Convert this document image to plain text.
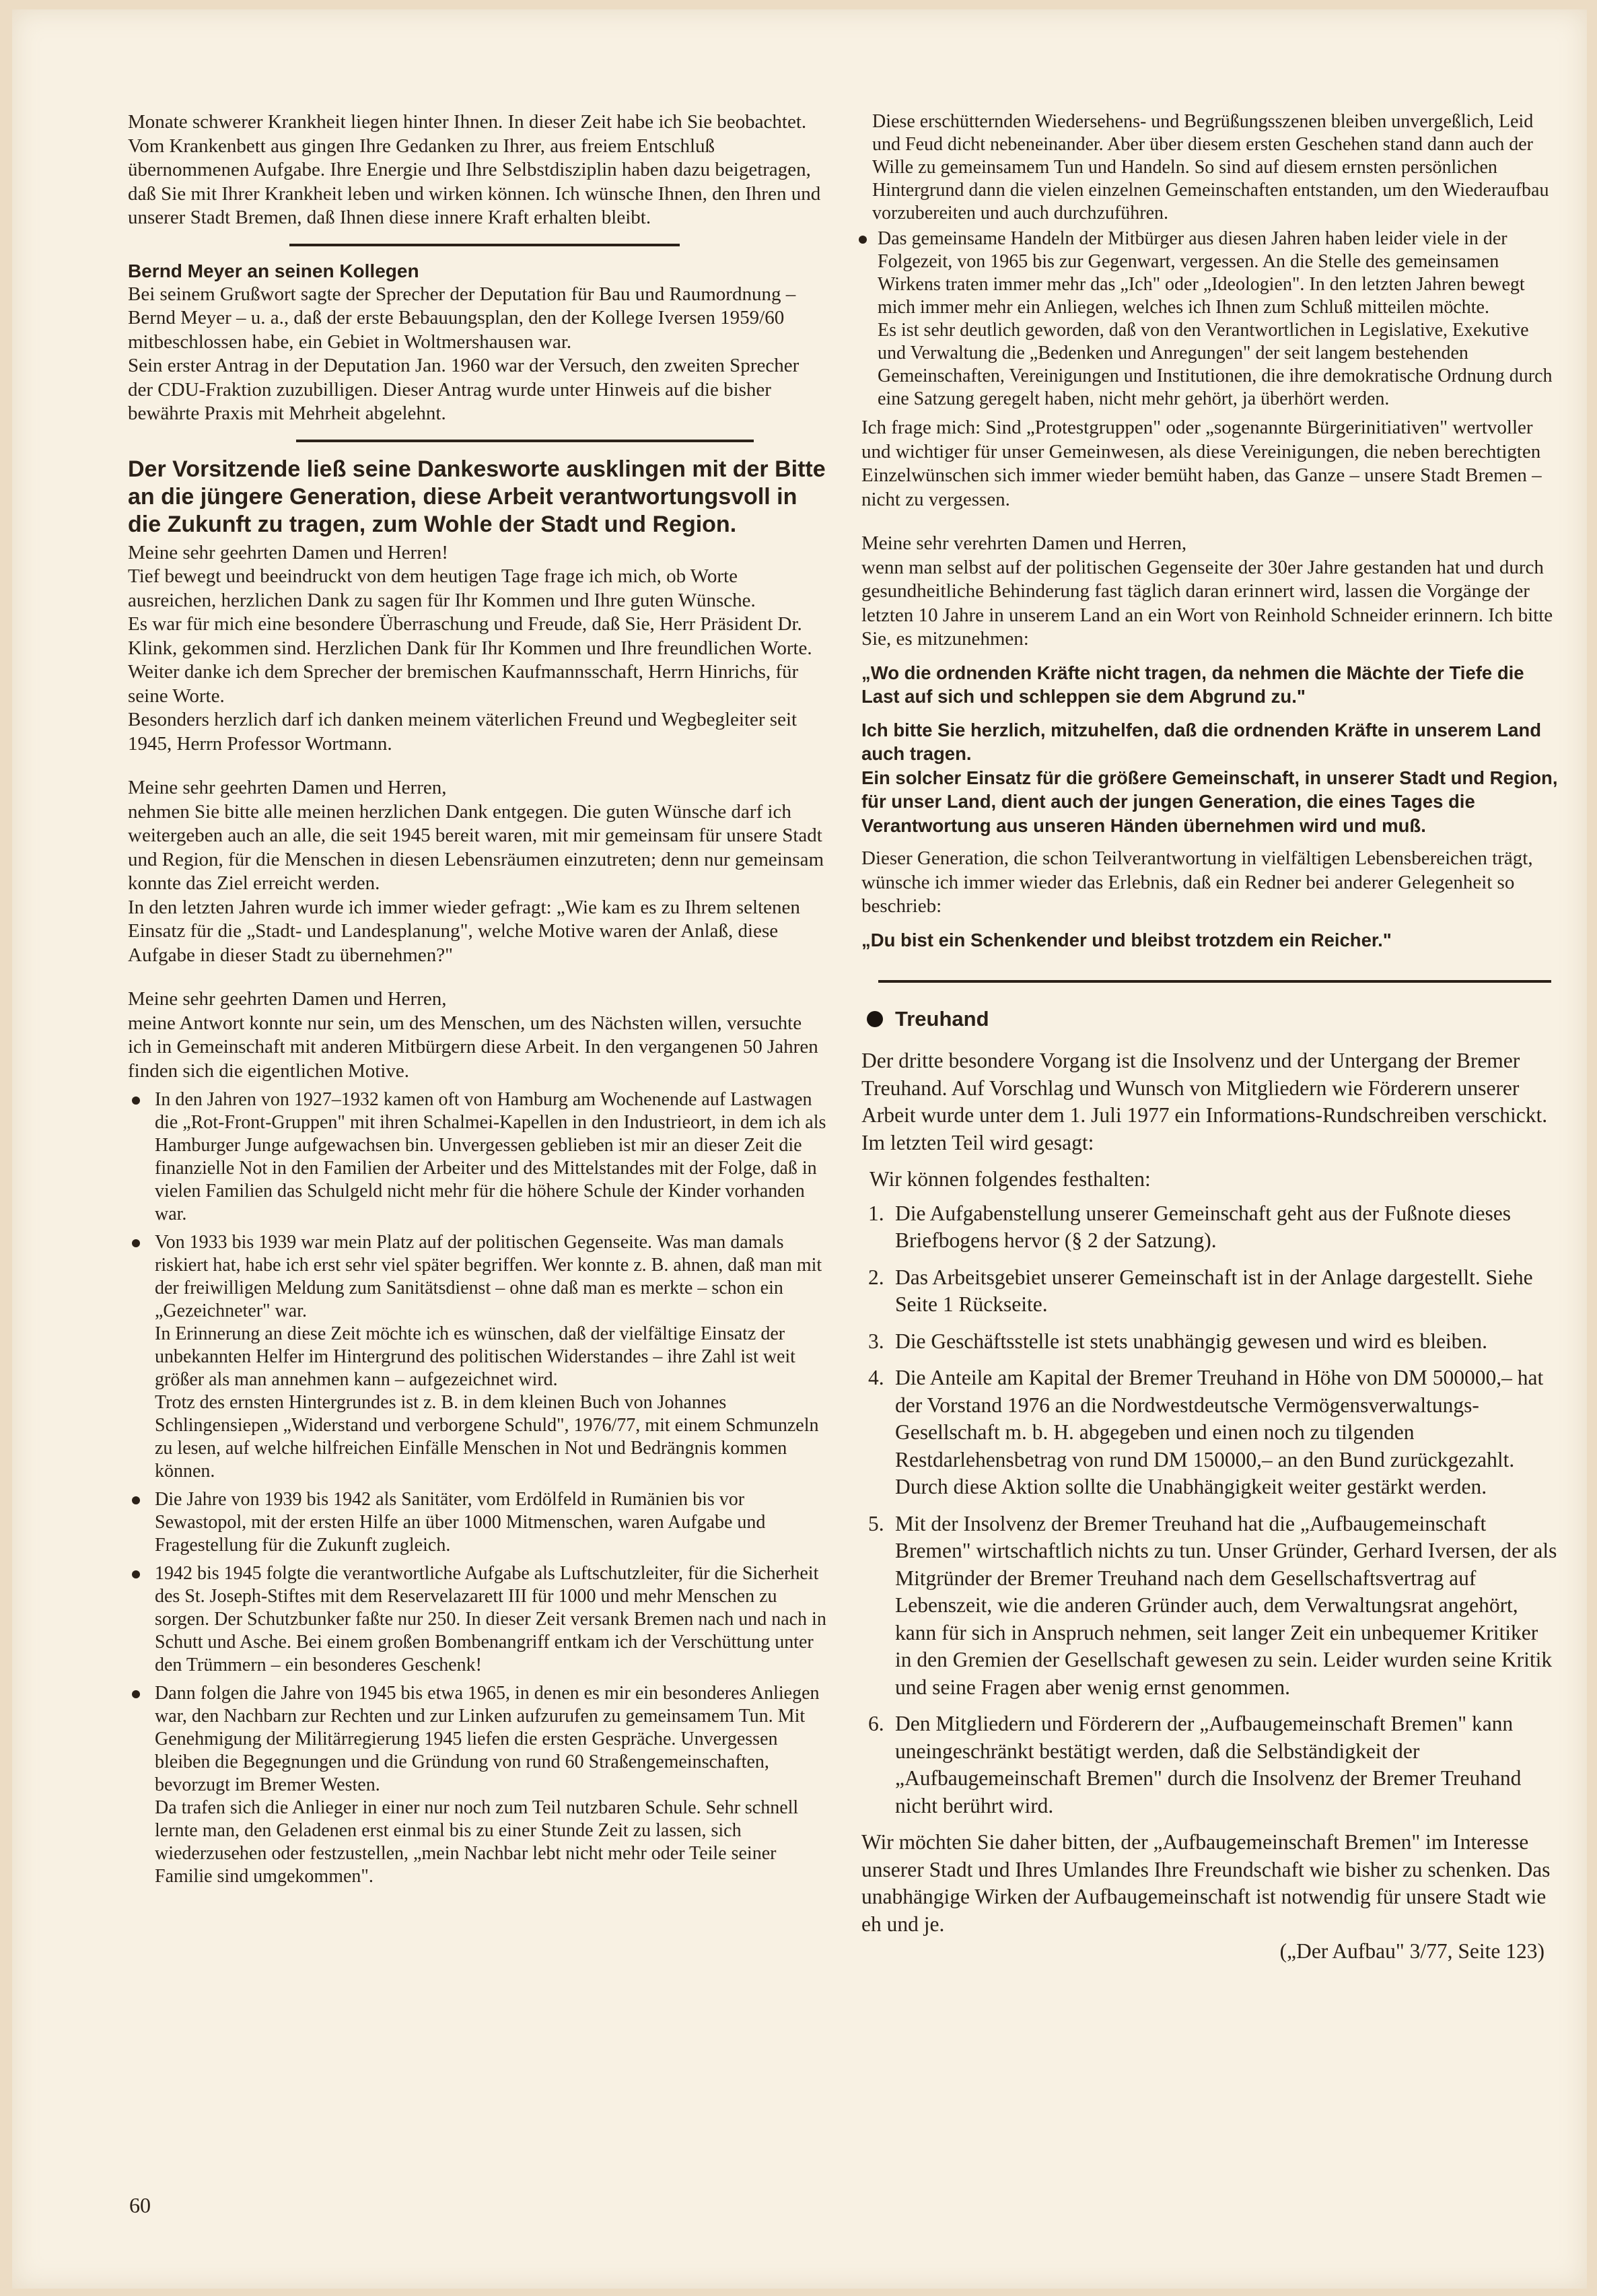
Monate schwerer Krankheit liegen hinter Ihnen. In dieser Zeit habe ich Sie beobachtet. Vom Krankenbett aus gingen Ihre Gedanken zu Ihrer, aus freiem Entschluß übernommenen Aufgabe. Ihre Energie und Ihre Selbstdisziplin haben dazu beigetragen, daß Sie mit Ihrer Krankheit leben und wirken können. Ich wünsche Ihnen, den Ihren und unserer Stadt Bremen, daß Ihnen diese innere Kraft erhalten bleibt.

Bernd Meyer an seinen Kollegen

Bei seinem Grußwort sagte der Sprecher der Deputation für Bau und Raumordnung – Bernd Meyer – u. a., daß der erste Bebauungsplan, den der Kollege Iversen 1959/60 mitbeschlossen habe, ein Gebiet in Woltmershausen war.

Sein erster Antrag in der Deputation Jan. 1960 war der Versuch, den zweiten Sprecher der CDU-Fraktion zuzubilligen. Dieser Antrag wurde unter Hinweis auf die bisher bewährte Praxis mit Mehrheit abgelehnt.

Der Vorsitzende ließ seine Dankesworte ausklingen mit der Bitte an die jüngere Generation, diese Arbeit verantwortungsvoll in die Zukunft zu tragen, zum Wohle der Stadt und Region.

Meine sehr geehrten Damen und Herren!

Tief bewegt und beeindruckt von dem heutigen Tage frage ich mich, ob Worte ausreichen, herzlichen Dank zu sagen für Ihr Kommen und Ihre guten Wünsche.

Es war für mich eine besondere Überraschung und Freude, daß Sie, Herr Präsident Dr. Klink, gekommen sind. Herzlichen Dank für Ihr Kommen und Ihre freundlichen Worte.

Weiter danke ich dem Sprecher der bremischen Kaufmannsschaft, Herrn Hinrichs, für seine Worte.

Besonders herzlich darf ich danken meinem väterlichen Freund und Wegbegleiter seit 1945, Herrn Professor Wortmann.

Meine sehr geehrten Damen und Herren,

nehmen Sie bitte alle meinen herzlichen Dank entgegen. Die guten Wünsche darf ich weitergeben auch an alle, die seit 1945 bereit waren, mit mir gemeinsam für unsere Stadt und Region, für die Menschen in diesen Lebensräumen einzutreten; denn nur gemeinsam konnte das Ziel erreicht werden.

In den letzten Jahren wurde ich immer wieder gefragt: „Wie kam es zu Ihrem seltenen Einsatz für die „Stadt- und Landesplanung", welche Motive waren der Anlaß, diese Aufgabe in dieser Stadt zu übernehmen?"

Meine sehr geehrten Damen und Herren,

meine Antwort konnte nur sein, um des Menschen, um des Nächsten willen, versuchte ich in Gemeinschaft mit anderen Mitbürgern diese Arbeit. In den vergangenen 50 Jahren finden sich die eigentlichen Motive.

In den Jahren von 1927–1932 kamen oft von Hamburg am Wochenende auf Lastwagen die „Rot-Front-Gruppen" mit ihren Schalmei-Kapellen in den Industrieort, in dem ich als Hamburger Junge aufgewachsen bin. Unvergessen geblieben ist mir an dieser Zeit die finanzielle Not in den Familien der Arbeiter und des Mittelstandes mit der Folge, daß in vielen Familien das Schulgeld nicht mehr für die höhere Schule der Kinder vorhanden war.

Von 1933 bis 1939 war mein Platz auf der politischen Gegenseite. Was man damals riskiert hat, habe ich erst sehr viel später begriffen. Wer konnte z. B. ahnen, daß man mit der freiwilligen Meldung zum Sanitätsdienst – ohne daß man es merkte – schon ein „Gezeichneter" war.

In Erinnerung an diese Zeit möchte ich es wünschen, daß der vielfältige Einsatz der unbekannten Helfer im Hintergrund des politischen Widerstandes – ihre Zahl ist weit größer als man annehmen kann – aufgezeichnet wird.

Trotz des ernsten Hintergrundes ist z. B. in dem kleinen Buch von Johannes Schlingensiepen „Widerstand und verborgene Schuld", 1976/77, mit einem Schmunzeln zu lesen, auf welche hilfreichen Einfälle Menschen in Not und Bedrängnis kommen können.

Die Jahre von 1939 bis 1942 als Sanitäter, vom Erdölfeld in Rumänien bis vor Sewastopol, mit der ersten Hilfe an über 1000 Mitmenschen, waren Aufgabe und Fragestellung für die Zukunft zugleich.

1942 bis 1945 folgte die verantwortliche Aufgabe als Luftschutzleiter, für die Sicherheit des St. Joseph-Stiftes mit dem Reservelazarett III für 1000 und mehr Menschen zu sorgen. Der Schutzbunker faßte nur 250. In dieser Zeit versank Bremen nach und nach in Schutt und Asche. Bei einem großen Bombenangriff entkam ich der Verschüttung unter den Trümmern – ein besonderes Geschenk!

Dann folgen die Jahre von 1945 bis etwa 1965, in denen es mir ein besonderes Anliegen war, den Nachbarn zur Rechten und zur Linken aufzurufen zu gemeinsamem Tun. Mit Genehmigung der Militärregierung 1945 liefen die ersten Gespräche. Unvergessen bleiben die Begegnungen und die Gründung von rund 60 Straßengemeinschaften, bevorzugt im Bremer Westen.

Da trafen sich die Anlieger in einer nur noch zum Teil nutzbaren Schule. Sehr schnell lernte man, den Geladenen erst einmal bis zu einer Stunde Zeit zu lassen, sich wiederzusehen oder festzustellen, „mein Nachbar lebt nicht mehr oder Teile seiner Familie sind umgekommen".

Diese erschütternden Wiedersehens- und Begrüßungsszenen bleiben unvergeßlich, Leid und Feud dicht nebeneinander. Aber über diesem ersten Geschehen stand dann auch der Wille zu gemeinsamem Tun und Handeln. So sind auf diesem ernsten persönlichen Hintergrund dann die vielen einzelnen Gemeinschaften entstanden, um den Wiederaufbau vorzubereiten und auch durchzuführen.

Das gemeinsame Handeln der Mitbürger aus diesen Jahren haben leider viele in der Folgezeit, von 1965 bis zur Gegenwart, vergessen. An die Stelle des gemeinsamen Wirkens traten immer mehr das „Ich" oder „Ideologien". In den letzten Jahren bewegt mich immer mehr ein Anliegen, welches ich Ihnen zum Schluß mitteilen möchte.

Es ist sehr deutlich geworden, daß von den Verantwortlichen in Legislative, Exekutive und Verwaltung die „Bedenken und Anregungen" der seit langem bestehenden Gemeinschaften, Vereinigungen und Institutionen, die ihre demokratische Ordnung durch eine Satzung geregelt haben, nicht mehr gehört, ja überhört werden.

Ich frage mich: Sind „Protestgruppen" oder „sogenannte Bürgerinitiativen" wertvoller und wichtiger für unser Gemeinwesen, als diese Vereinigungen, die neben berechtigten Einzelwünschen sich immer wieder bemüht haben, das Ganze – unsere Stadt Bremen – nicht zu vergessen.

Meine sehr verehrten Damen und Herren,

wenn man selbst auf der politischen Gegenseite der 30er Jahre gestanden hat und durch gesundheitliche Behinderung fast täglich daran erinnert wird, lassen die Vorgänge der letzten 10 Jahre in unserem Land an ein Wort von Reinhold Schneider erinnern. Ich bitte Sie, es mitzunehmen:

„Wo die ordnenden Kräfte nicht tragen, da nehmen die Mächte der Tiefe die Last auf sich und schleppen sie dem Abgrund zu."

Ich bitte Sie herzlich, mitzuhelfen, daß die ordnenden Kräfte in unserem Land auch tragen.

Ein solcher Einsatz für die größere Gemeinschaft, in unserer Stadt und Region, für unser Land, dient auch der jungen Generation, die eines Tages die Verantwortung aus unseren Händen übernehmen wird und muß.

Dieser Generation, die schon Teilverantwortung in vielfältigen Lebensbereichen trägt, wünsche ich immer wieder das Erlebnis, daß ein Redner bei anderer Gelegenheit so beschrieb:

„Du bist ein Schenkender und bleibst trotzdem ein Reicher."

Treuhand

Der dritte besondere Vorgang ist die Insolvenz und der Untergang der Bremer Treuhand. Auf Vorschlag und Wunsch von Mitgliedern wie Förderern unserer Arbeit wurde unter dem 1. Juli 1977 ein Informations-Rundschreiben verschickt. Im letzten Teil wird gesagt:

Wir können folgendes festhalten:

1. Die Aufgabenstellung unserer Gemeinschaft geht aus der Fußnote dieses Briefbogens hervor (§ 2 der Satzung).
2. Das Arbeitsgebiet unserer Gemeinschaft ist in der Anlage dargestellt. Siehe Seite 1 Rückseite.
3. Die Geschäftsstelle ist stets unabhängig gewesen und wird es bleiben.
4. Die Anteile am Kapital der Bremer Treuhand in Höhe von DM 500000,– hat der Vorstand 1976 an die Nordwestdeutsche Vermögensverwaltungs-Gesellschaft m. b. H. abgegeben und einen noch zu tilgenden Restdarlehensbetrag von rund DM 150000,– an den Bund zurückgezahlt. Durch diese Aktion sollte die Unabhängigkeit weiter gestärkt werden.
5. Mit der Insolvenz der Bremer Treuhand hat die „Aufbaugemeinschaft Bremen" wirtschaftlich nichts zu tun. Unser Gründer, Gerhard Iversen, der als Mitgründer der Bremer Treuhand nach dem Gesellschaftsvertrag auf Lebenszeit, wie die anderen Gründer auch, dem Verwaltungsrat angehört, kann für sich in Anspruch nehmen, seit langer Zeit ein unbequemer Kritiker in den Gremien der Gesellschaft gewesen zu sein. Leider wurden seine Kritik und seine Fragen aber wenig ernst genommen.
6. Den Mitgliedern und Förderern der „Aufbaugemeinschaft Bremen" kann uneingeschränkt bestätigt werden, daß die Selbständigkeit der „Aufbaugemeinschaft Bremen" durch die Insolvenz der Bremer Treuhand nicht berührt wird.

Wir möchten Sie daher bitten, der „Aufbaugemeinschaft Bremen" im Interesse unserer Stadt und Ihres Umlandes Ihre Freundschaft wie bisher zu schenken. Das unabhängige Wirken der Aufbaugemeinschaft ist notwendig für unsere Stadt wie eh und je.

(„Der Aufbau" 3/77, Seite 123)

60
